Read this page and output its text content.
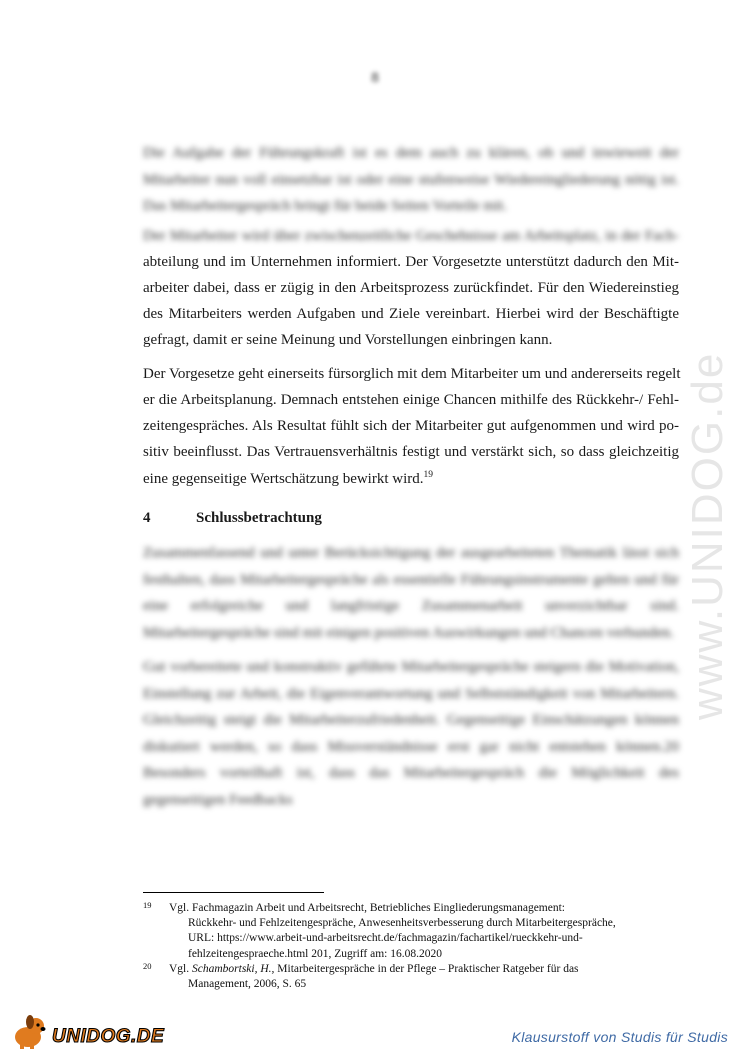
8
Die Aufgabe der Führungskraft ist es dem auch zu klären, ob und inwieweit der Mitarbeiter nun voll einsetzbar ist oder eine stufenweise Wiedereingliederung nötig ist. Das Mitarbeitergespräch bringt für beide Seiten Vorteile mit.
Der Mitarbeiter wird über zwischenzeitliche Geschehnisse am Arbeitsplatz, in der Fach-
abteilung und im Unternehmen informiert. Der Vorgesetzte unterstützt dadurch den Mit-
arbeiter dabei, dass er zügig in den Arbeitsprozess zurückfindet. Für den Wiedereinstieg
des Mitarbeiters werden Aufgaben und Ziele vereinbart. Hierbei wird der Beschäftigte
gefragt, damit er seine Meinung und Vorstellungen einbringen kann.
Der Vorgesetze geht einerseits fürsorglich mit dem Mitarbeiter um und andererseits regelt
er die Arbeitsplanung. Demnach entstehen einige Chancen mithilfe des Rückkehr-/ Fehl-
zeitengespräches. Als Resultat fühlt sich der Mitarbeiter gut aufgenommen und wird po-
sitiv beeinflusst. Das Vertrauensverhältnis festigt und verstärkt sich, so dass gleichzeitig
eine gegenseitige Wertschätzung bewirkt wird.$^{19}$
4	Schlussbetrachtung
Zusammenfassend und unter Berücksichtigung der ausgearbeiteten Thematik lässt sich festhalten, dass Mitarbeitergespräche als essentielle Führungsinstrumente gelten und für eine erfolgreiche und langfristige Zusammenarbeit unverzichtbar sind. Mitarbeitergespräche sind mit einigen positiven Auswirkungen und Chancen verbunden.
Gut vorbereitete und konstruktiv geführte Mitarbeitergespräche steigern die Motivation, Einstellung zur Arbeit, die Eigenverantwortung und Selbstständigkeit von Mitarbeitern. Gleichzeitig steigt die Mitarbeiterzufriedenheit. Gegenseitige Einschätzungen können diskutiert werden, so dass Missverständnisse erst gar nicht entstehen können.20 Besonders vorteilhaft ist, dass das Mitarbeitergespräch die Möglichkeit des gegenseitigen Feedbacks
19 Vgl. Fachmagazin Arbeit und Arbeitsrecht, Betriebliches Eingliederungsmanagement:
Rückkehr- und Fehlzeitengespräche, Anwesenheitsverbesserung durch Mitarbeitergespräche,
URL: https://www.arbeit-und-arbeitsrecht.de/fachmagazin/fachartikel/rueckkehr-und-
fehlzeitengespraeche.html 201, Zugriff am: 16.08.2020
20 Vgl. Schambortski, H., Mitarbeitergespräche in der Pflege – Praktischer Ratgeber für das
Management, 2006, S. 65
www.UNIDOG.de
UNIDOG.DE	Klausurstoff von Studis für Studis
